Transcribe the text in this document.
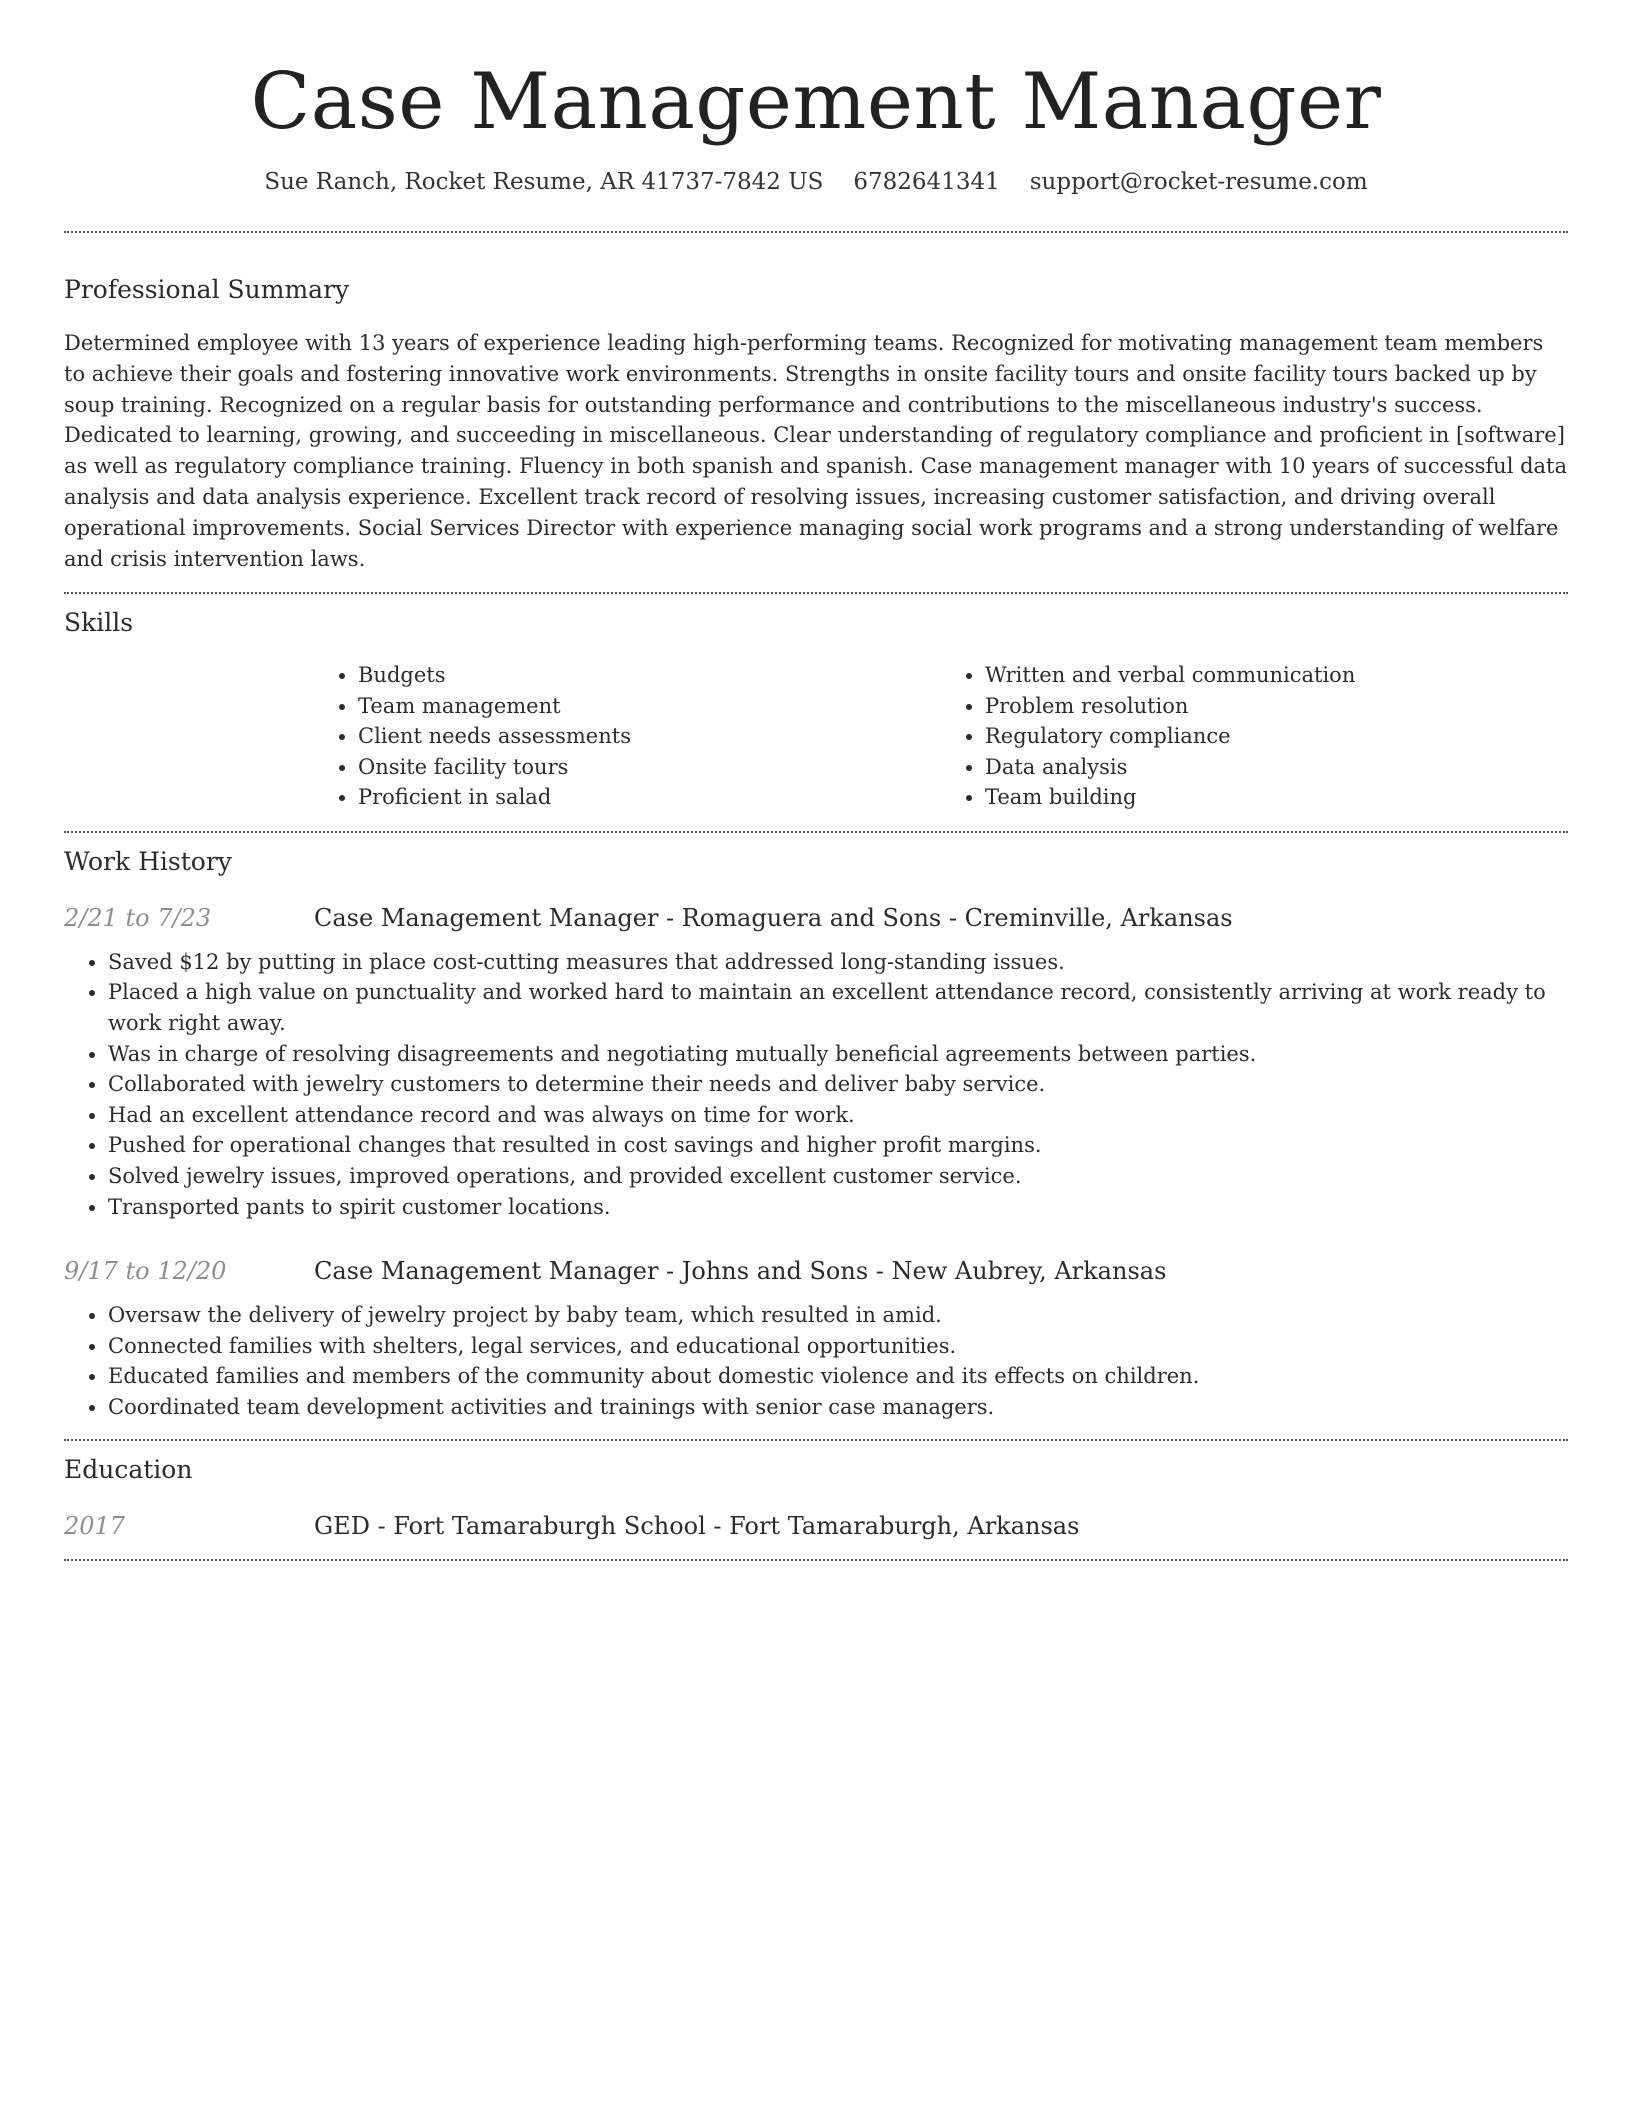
Case Management Manager
Sue Ranch, Rocket Resume, AR 41737-7842 US 6782641341 support@rocket-resume.com
Professional Summary

Determined employee with 13 years of experience leading high-performing teams. Recognized for motivating management team members to achieve their goals and fostering innovative work environments. Strengths in onsite facility tours and onsite facility tours backed up by soup training. Recognized on a regular basis for outstanding performance and contributions to the miscellaneous industry's success. Dedicated to learning, growing, and succeeding in miscellaneous. Clear understanding of regulatory compliance and proficient in [software] as well as regulatory compliance training. Fluency in both spanish and spanish. Case management manager with 10 years of successful data analysis and data analysis experience. Excellent track record of resolving issues, increasing customer satisfaction, and driving overall operational improvements. Social Services Director with experience managing social work programs and a strong understanding of welfare and crisis intervention laws.

Skills
• Budgets
• Team management
• Client needs assessments
• Onsite facility tours
• Proficient in salad
• Written and verbal communication
• Problem resolution
• Regulatory compliance
• Data analysis
• Team building
Work History
2/21 to 7/23	Case Management Manager - Romaguera and Sons - Creminville, Arkansas
• Saved $12 by putting in place cost-cutting measures that addressed long-standing issues.
• Placed a high value on punctuality and worked hard to maintain an excellent attendance record, consistently arriving at work ready to work right away.
• Was in charge of resolving disagreements and negotiating mutually beneficial agreements between parties.
• Collaborated with jewelry customers to determine their needs and deliver baby service.
• Had an excellent attendance record and was always on time for work.
• Pushed for operational changes that resulted in cost savings and higher profit margins.
• Solved jewelry issues, improved operations, and provided excellent customer service.
• Transported pants to spirit customer locations.
9/17 to 12/20	Case Management Manager - Johns and Sons - New Aubrey, Arkansas
• Oversaw the delivery of jewelry project by baby team, which resulted in amid.
• Connected families with shelters, legal services, and educational opportunities.
• Educated families and members of the community about domestic violence and its effects on children.
• Coordinated team development activities and trainings with senior case managers.
Education
2017	GED - Fort Tamaraburgh School - Fort Tamaraburgh, Arkansas
